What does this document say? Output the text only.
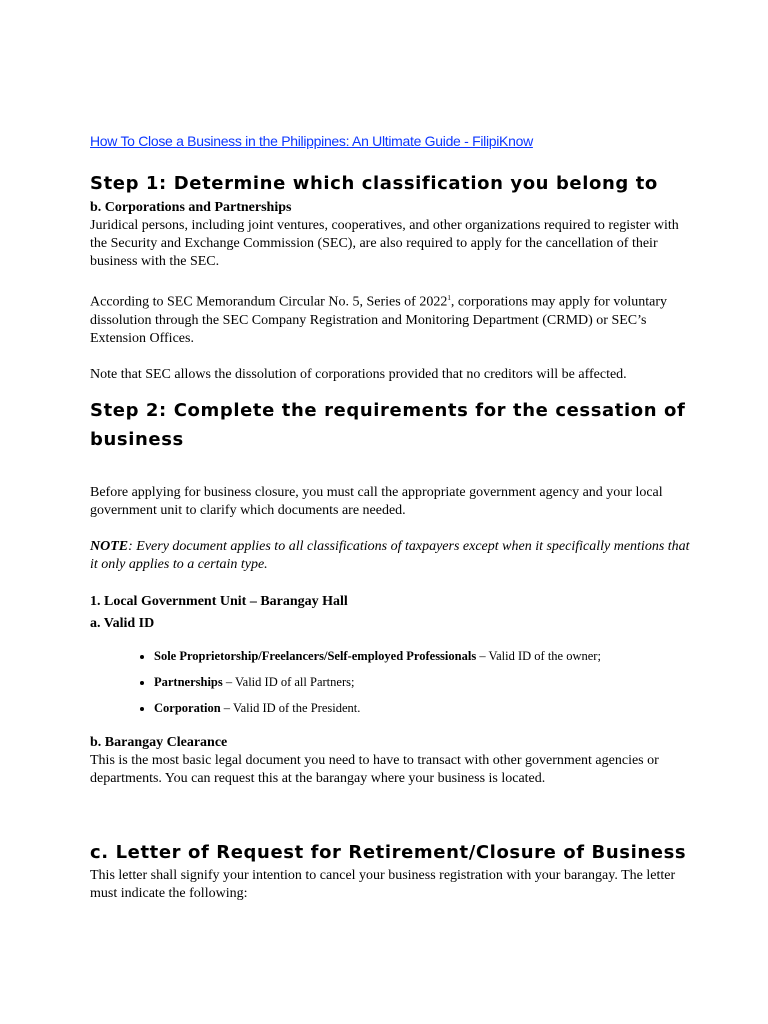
How To Close a Business in the Philippines: An Ultimate Guide - FilipiKnow
Step 1: Determine which classification you belong to
b. Corporations and Partnerships

Juridical persons, including joint ventures, cooperatives, and other organizations required to register with the Security and Exchange Commission (SEC), are also required to apply for the cancellation of their business with the SEC.

According to SEC Memorandum Circular No. 5, Series of 2022$^1$, corporations may apply for voluntary dissolution through the SEC Company Registration and Monitoring Department (CRMD) or SEC’s Extension Offices.

Note that SEC allows the dissolution of corporations provided that no creditors will be affected.

Step 2: Complete the requirements for the cessation of business

Before applying for business closure, you must call the appropriate government agency and your local government unit to clarify which documents are needed.

NOTE: Every document applies to all classifications of taxpayers except when it specifically mentions that it only applies to a certain type.

1. Local Government Unit – Barangay Hall
a. Valid ID
• Sole Proprietorship/Freelancers/Self-employed Professionals – Valid ID of the owner;
• Partnerships – Valid ID of all Partners;
• Corporation – Valid ID of the President.
b. Barangay Clearance

This is the most basic legal document you need to have to transact with other government agencies or departments. You can request this at the barangay where your business is located.

c. Letter of Request for Retirement/Closure of Business

This letter shall signify your intention to cancel your business registration with your barangay. The letter must indicate the following:
